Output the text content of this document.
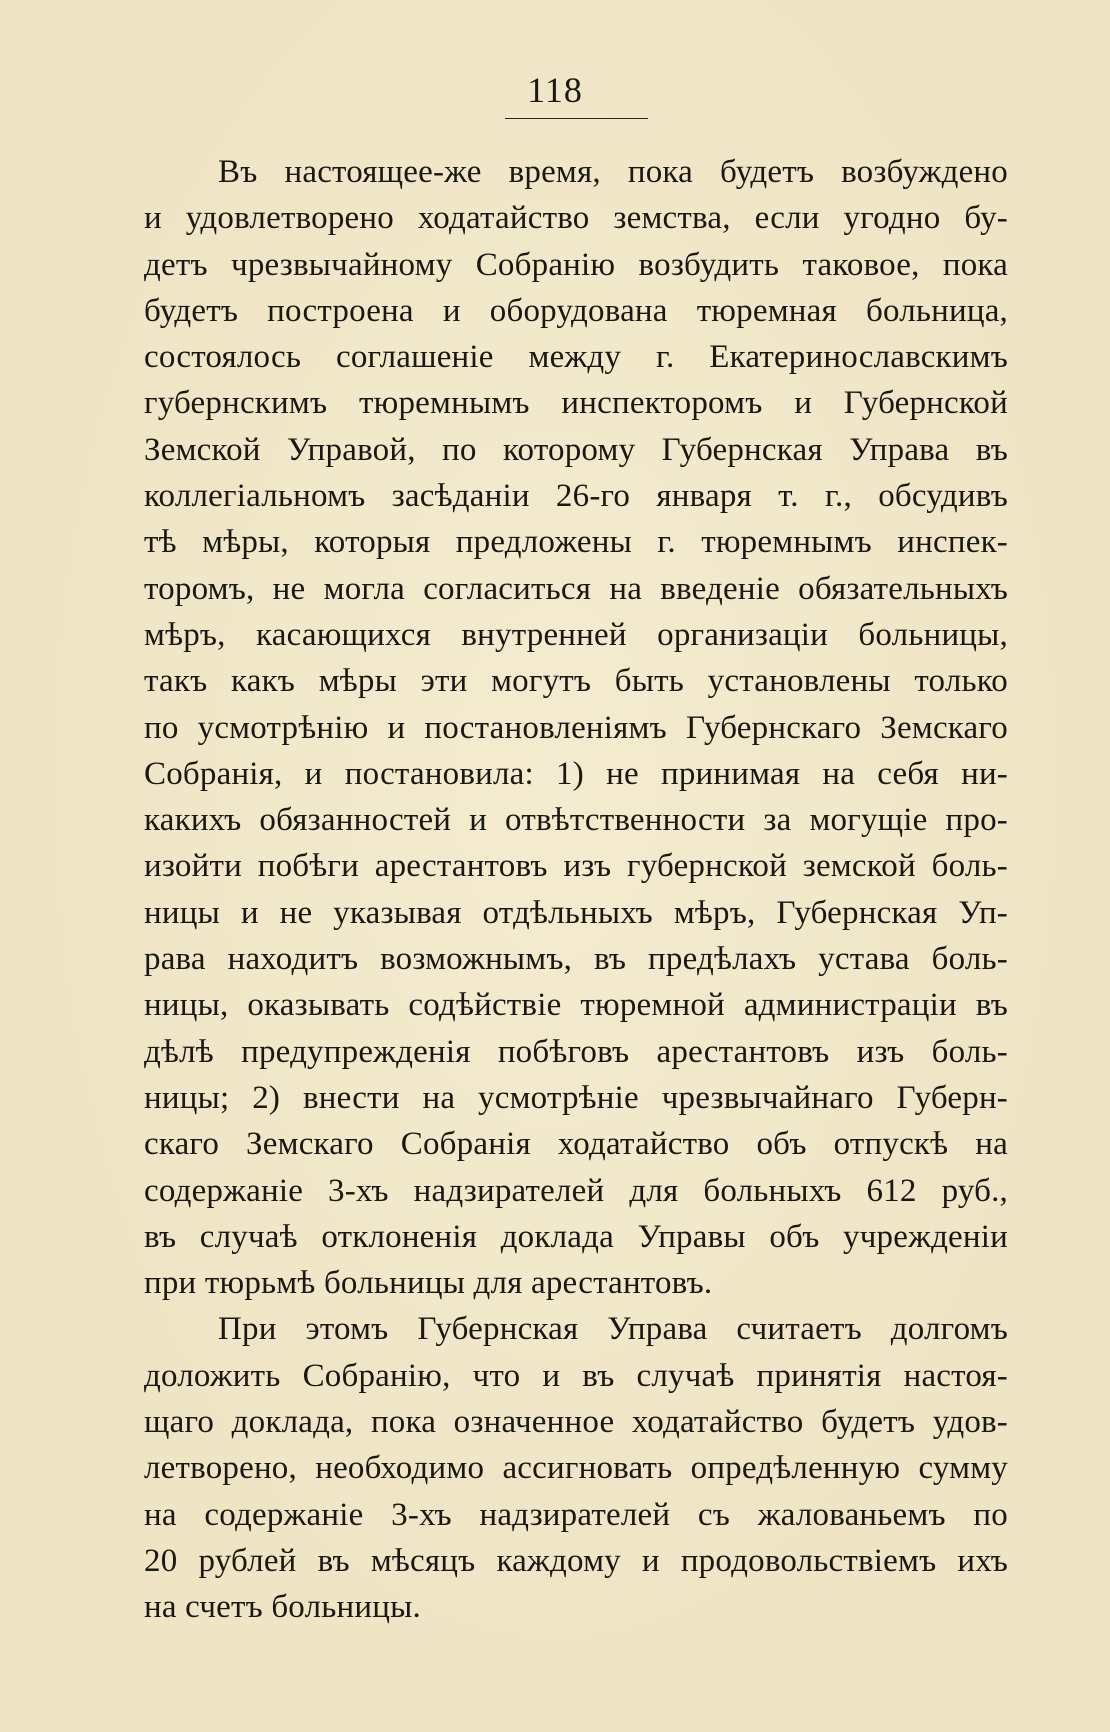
118

Въ настоящее-же время, пока будетъ возбуждено
и удовлетворено ходатайство земства, если угодно бу-
детъ чрезвычайному Собранію возбудить таковое, пока
будетъ построена и оборудована тюремная больница,
состоялось соглашеніе между г. Екатеринославскимъ
губернскимъ тюремнымъ инспекторомъ и Губернской
Земской Управой, по которому Губернская Управа въ
коллегіальномъ засѣданіи 26-го января т. г., обсудивъ
тѣ мѣры, которыя предложены г. тюремнымъ инспек-
торомъ, не могла согласиться на введеніе обязательныхъ
мѣръ, касающихся внутренней организаціи больницы,
такъ какъ мѣры эти могутъ быть установлены только
по усмотрѣнію и постановленіямъ Губернскаго Земскаго
Собранія, и постановила: 1) не принимая на себя ни-
какихъ обязанностей и отвѣтственности за могущіе про-
изойти побѣги арестантовъ изъ губернской земской боль-
ницы и не указывая отдѣльныхъ мѣръ, Губернская Уп-
рава находитъ возможнымъ, въ предѣлахъ устава боль-
ницы, оказывать содѣйствіе тюремной администраціи въ
дѣлѣ предупрежденія побѣговъ арестантовъ изъ боль-
ницы; 2) внести на усмотрѣніе чрезвычайнаго Губерн-
скаго Земскаго Собранія ходатайство объ отпускѣ на
содержаніе 3-хъ надзирателей для больныхъ 612 руб.,
въ случаѣ отклоненія доклада Управы объ учрежденіи
при тюрьмѣ больницы для арестантовъ.

При этомъ Губернская Управа считаетъ долгомъ
доложить Собранію, что и въ случаѣ принятія настоя-
щаго доклада, пока означенное ходатайство будетъ удов-
летворено, необходимо ассигновать опредѣленную сумму
на содержаніе 3-хъ надзирателей съ жалованьемъ по
20 рублей въ мѣсяцъ каждому и продовольствіемъ ихъ
на счетъ больницы.
